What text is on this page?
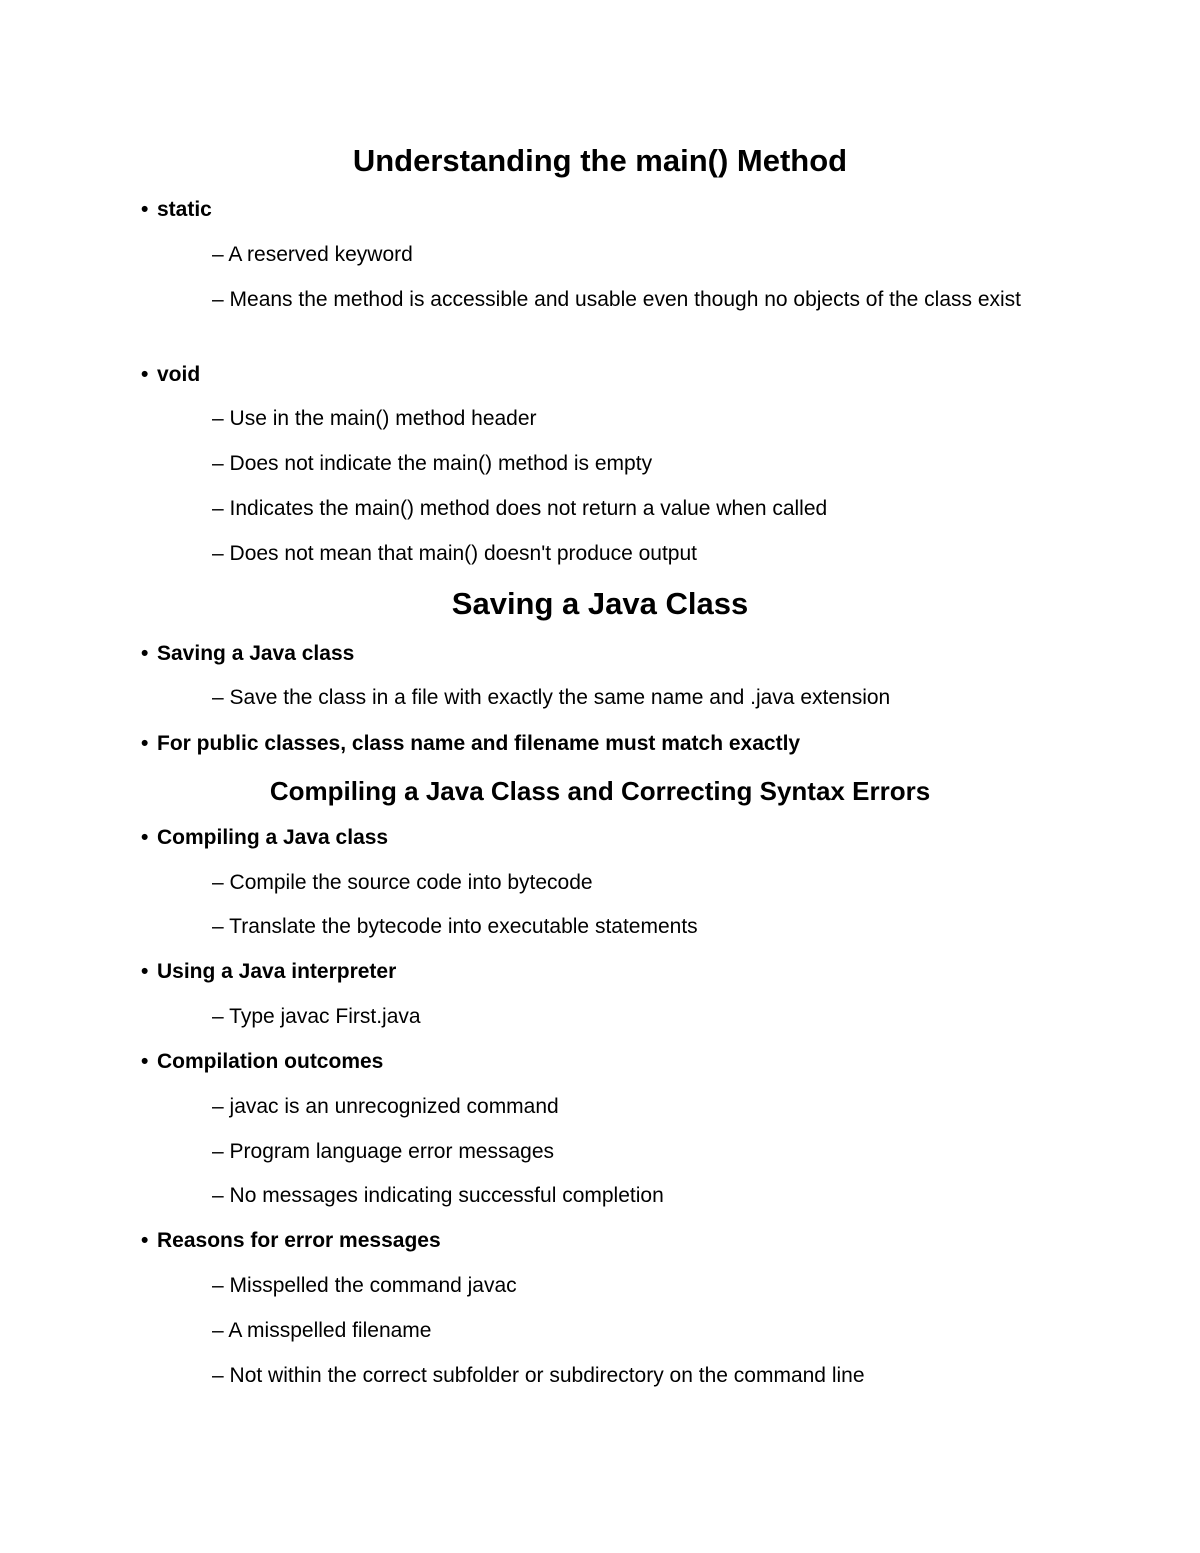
Understanding the main() Method
• static
– A reserved keyword
– Means the method is accessible and usable even though no objects of the class exist
• void
– Use in the main() method header
– Does not indicate the main() method is empty
– Indicates the main() method does not return a value when called
– Does not mean that main() doesn't produce output
Saving a Java Class
• Saving a Java class
– Save the class in a file with exactly the same name and .java extension
• For public classes, class name and filename must match exactly
Compiling a Java Class and Correcting Syntax Errors
• Compiling a Java class
– Compile the source code into bytecode
– Translate the bytecode into executable statements
• Using a Java interpreter
– Type javac First.java
• Compilation outcomes
– javac is an unrecognized command
– Program language error messages
– No messages indicating successful completion
• Reasons for error messages
– Misspelled the command javac
– A misspelled filename
– Not within the correct subfolder or subdirectory on the command line
